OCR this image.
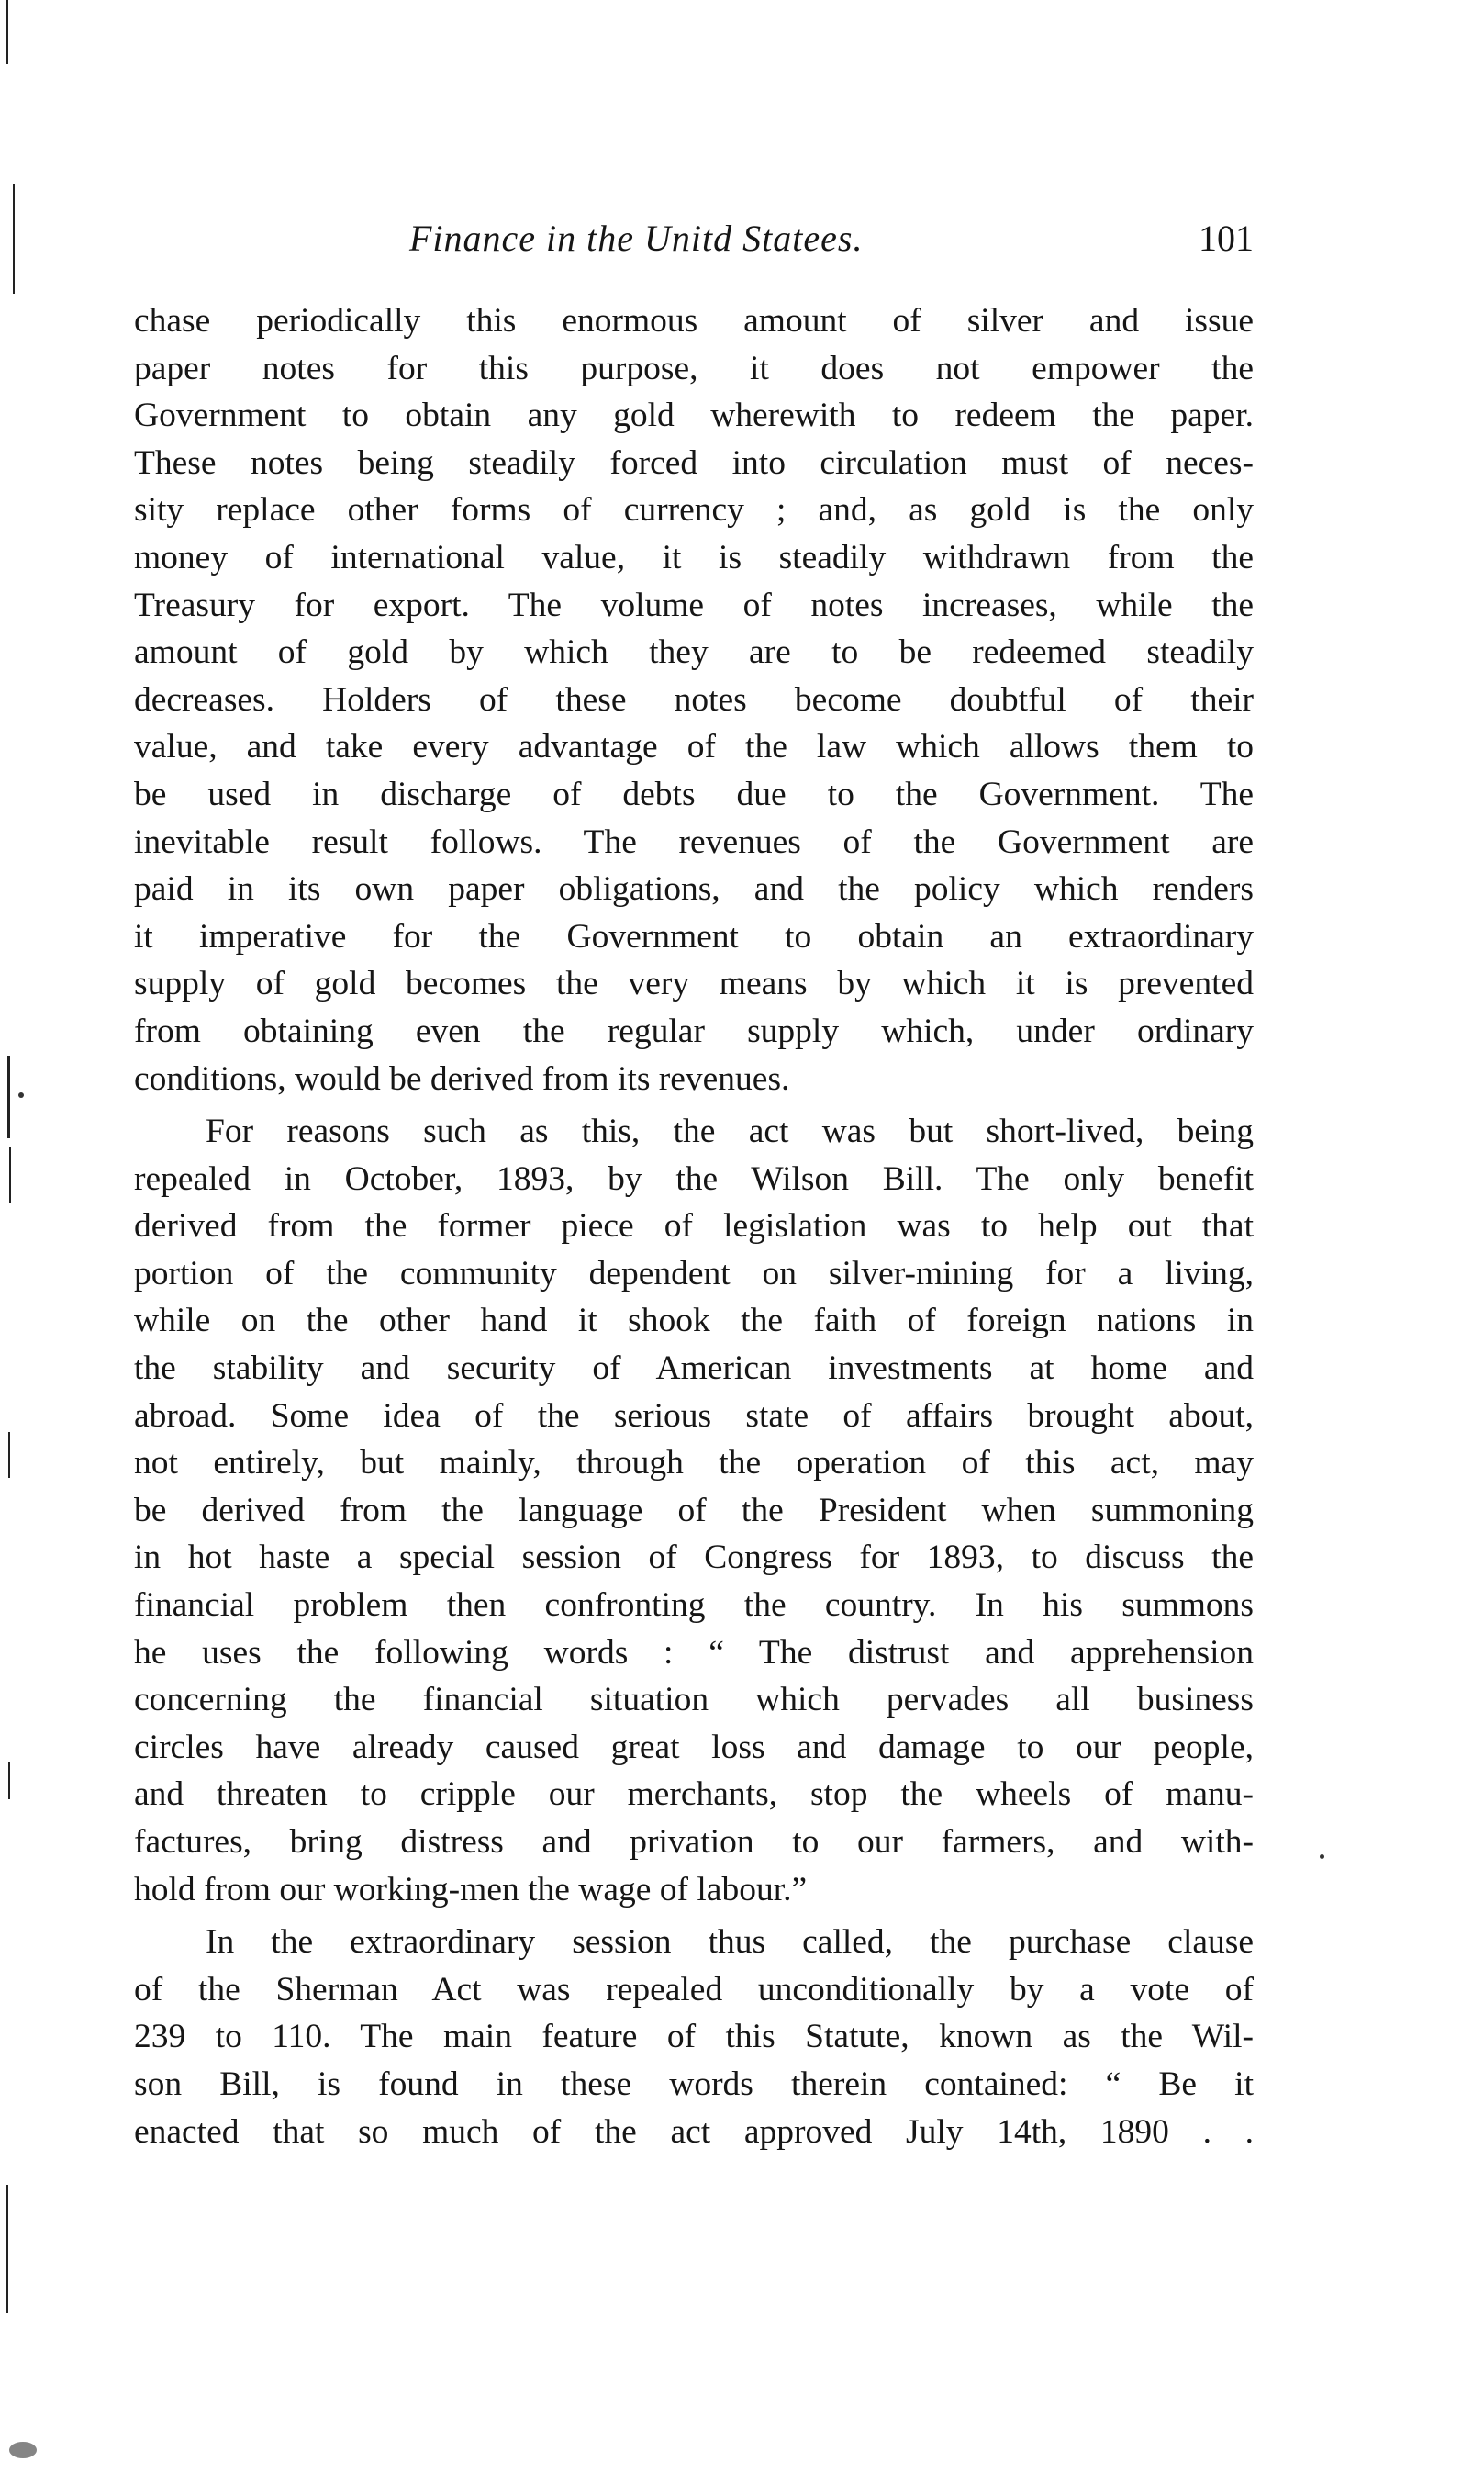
Finance in the Unitd Statees.	101
chase periodically this enormous amount of silver and issue
paper notes for this purpose, it does not empower the
Government to obtain any gold wherewith to redeem the paper.
These notes being steadily forced into circulation must of neces-
sity replace other forms of currency ; and, as gold is the only
money of international value, it is steadily withdrawn from the
Treasury for export. The volume of notes increases, while the
amount of gold by which they are to be redeemed steadily
decreases. Holders of these notes become doubtful of their
value, and take every advantage of the law which allows them to
be used in discharge of debts due to the Government. The
inevitable result follows. The revenues of the Government are
paid in its own paper obligations, and the policy which renders
it imperative for the Government to obtain an extraordinary
supply of gold becomes the very means by which it is prevented
from obtaining even the regular supply which, under ordinary
conditions, would be derived from its revenues.
For reasons such as this, the act was but short-lived, being
repealed in October, 1893, by the Wilson Bill. The only benefit
derived from the former piece of legislation was to help out that
portion of the community dependent on silver-mining for a living,
while on the other hand it shook the faith of foreign nations in
the stability and security of American investments at home and
abroad. Some idea of the serious state of affairs brought about,
not entirely, but mainly, through the operation of this act, may
be derived from the language of the President when summoning
in hot haste a special session of Congress for 1893, to discuss the
financial problem then confronting the country. In his summons
he uses the following words : “ The distrust and apprehension
concerning the financial situation which pervades all business
circles have already caused great loss and damage to our people,
and threaten to cripple our merchants, stop the wheels of manu-
factures, bring distress and privation to our farmers, and with-
hold from our working-men the wage of labour.”
In the extraordinary session thus called, the purchase clause
of the Sherman Act was repealed unconditionally by a vote of
239 to 110. The main feature of this Statute, known as the Wil-
son Bill, is found in these words therein contained: “ Be it
enacted that so much of the act approved July 14th, 1890 . .
